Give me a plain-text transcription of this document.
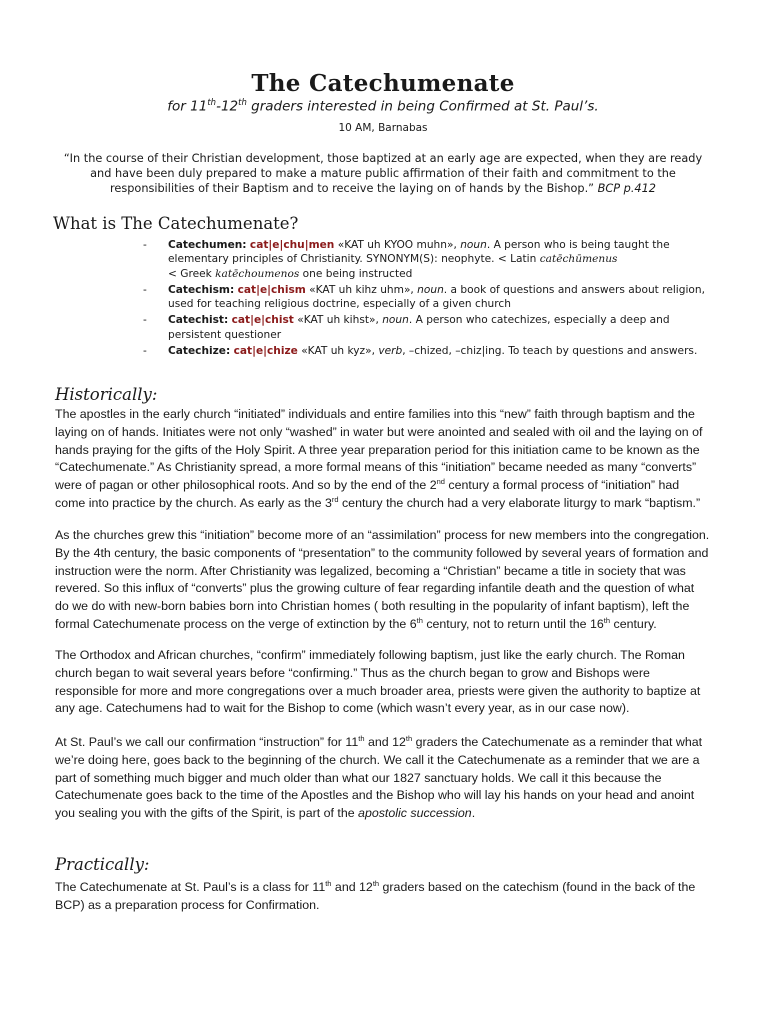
The Catechumenate
for 11th-12th graders interested in being Confirmed at St. Paul’s.
10 AM, Barnabas
“In the course of their Christian development, those baptized at an early age are expected, when they are ready and have been duly prepared to make a mature public affirmation of their faith and commitment to the responsibilities of their Baptism and to receive the laying on of hands by the Bishop.” BCP p.412
What is The Catechumenate?
- Catechumen: cat|e|chu|men «KAT uh KYOO muhn», noun. A person who is being taught the elementary principles of Christianity. SYNONYM(S): neophyte. < Latin catēchūmenus
< Greek katēchoumenos one being instructed
- Catechism: cat|e|chism «KAT uh kihz uhm», noun. a book of questions and answers about religion, used for teaching religious doctrine, especially of a given church
- Catechist: cat|e|chist «KAT uh kihst», noun. A person who catechizes, especially a deep and persistent questioner
- Catechize: cat|e|chize «KAT uh kyz», verb, –chized, –chiz|ing. To teach by questions and answers.
Historically:

The apostles in the early church “initiated” individuals and entire families into this “new” faith through baptism and the laying on of hands. Initiates were not only “washed” in water but were anointed and sealed with oil and the laying on of hands praying for the gifts of the Holy Spirit. A three year preparation period for this initiation came to be known as the “Catechumenate.” As Christianity spread, a more formal means of this “initiation” became needed as many “converts” were of pagan or other philosophical roots. And so by the end of the 2nd century a formal process of “initiation” had come into practice by the church. As early as the 3rd century the church had a very elaborate liturgy to mark “baptism.”

As the churches grew this “initiation” become more of an “assimilation” process for new members into the congregation. By the 4th century, the basic components of “presentation” to the community followed by several years of formation and instruction were the norm. After Christianity was legalized, becoming a “Christian” became a title in society that was revered. So this influx of “converts” plus the growing culture of fear regarding infantile death and the question of what do we do with new-born babies born into Christian homes ( both resulting in the popularity of infant baptism), left the formal Catechumenate process on the verge of extinction by the 6th century, not to return until the 16th century.

The Orthodox and African churches, “confirm” immediately following baptism, just like the early church. The Roman church began to wait several years before “confirming.” Thus as the church began to grow and Bishops were responsible for more and more congregations over a much broader area, priests were given the authority to baptize at any age. Catechumens had to wait for the Bishop to come (which wasn’t every year, as in our case now).

At St. Paul’s we call our confirmation “instruction” for 11th and 12th graders the Catechumenate as a reminder that what we’re doing here, goes back to the beginning of the church. We call it the Catechumenate as a reminder that we are a part of something much bigger and much older than what our 1827 sanctuary holds. We call it this because the Catechumenate goes back to the time of the Apostles and the Bishop who will lay his hands on your head and anoint you sealing you with the gifts of the Spirit, is part of the apostolic succession.

Practically:

The Catechumenate at St. Paul’s is a class for 11th and 12th graders based on the catechism (found in the back of the BCP) as a preparation process for Confirmation.
